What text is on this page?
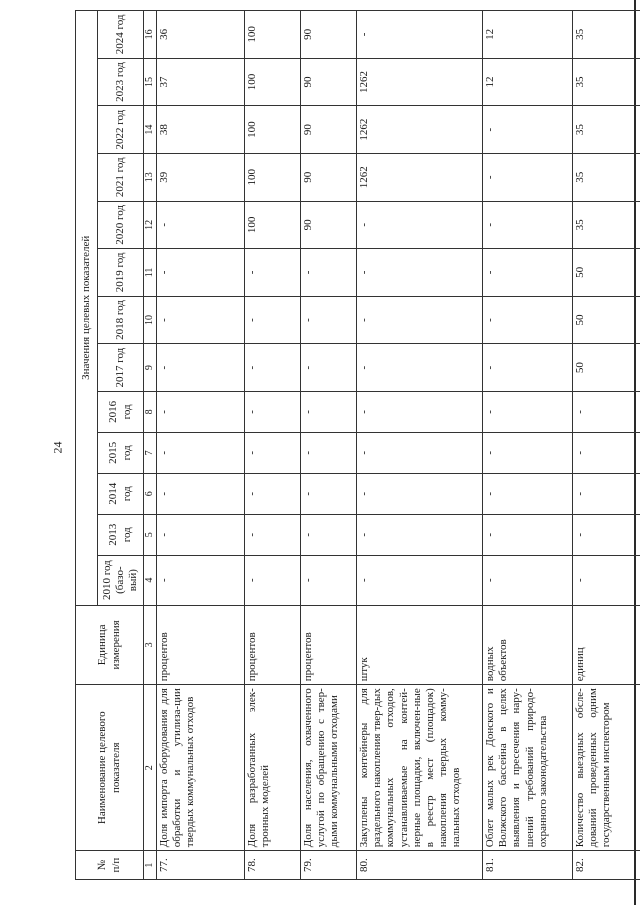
24
№
п/п	Наименование целевого показателя	Единица измерения	Значения целевых показателей												
			2010 год (базо-вый)	2013 год	2014 год	2015 год	2016 год	2017 год	2018 год	2019 год	2020 год	2021 год	2022 год	2023 год	2024 год
1	2	3	4	5	6	7	8	9	10	11	12	13	14	15	16
77.	Доля импорта оборудования для обработки и утилиза-ции твердых коммунальных отходов	процентов	-	-	-	-	-	-	-	-	-	39	38	37	36
78.	Доля разработанных элек-тронных моделей	процентов	-	-	-	-	-	-	-	-	100	100	100	100	100
79.	Доля населения, охваченного услугой по обращению с твер-дыми коммунальными отходами	процентов	-	-	-	-	-	-	-	-	90	90	90	90	90
80.	Закуплены контейнеры для раздельного накопления твер-дых коммунальных отходов, устанавливаемые на контей-нерные площадки, включен-ные в реестр мест (площадок) накопления твердых комму-нальных отходов	штук	-	-	-	-	-	-	-	-	-	1262	1262	1262	-
81.	Облет малых рек Донского и Волжского бассейна в целях выявления и пресечения нару-шений требований природо-охранного законодательства	водных объектов	-	-	-	-	-	-	-	-	-	-	-	12	12
82.	Количество выездных обсле-дований проведенных одним государственным инспектором	единиц	-	-	-	-	-	50	50	50	35	35	35	35	35
